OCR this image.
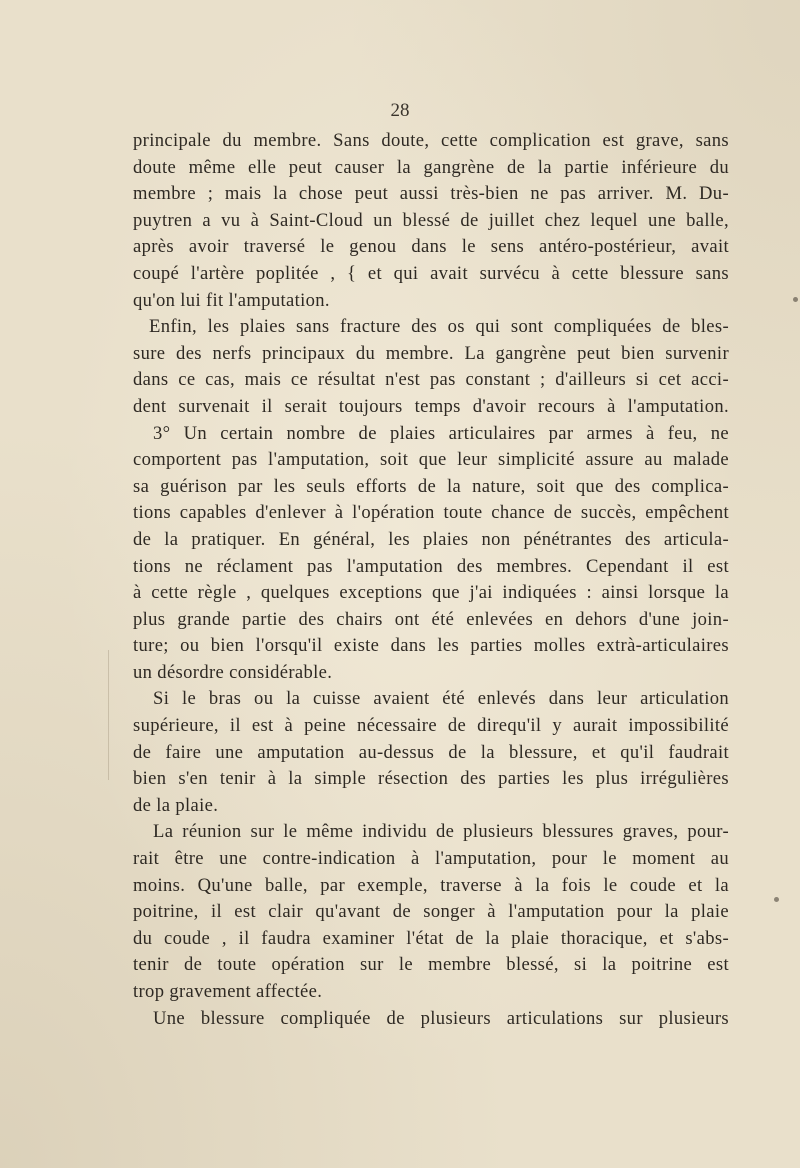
28
principale du membre. Sans doute, cette complication est grave, sans
doute même elle peut causer la gangrène de la partie inférieure du
membre ; mais la chose peut aussi très-bien ne pas arriver. M. Du-
puytren a vu à Saint-Cloud un blessé de juillet chez lequel une balle,
après avoir traversé le genou dans le sens antéro-postérieur, avait
coupé l'artère poplitée , { et qui avait survécu à cette blessure sans
qu'on lui fit l'amputation.
Enfin, les plaies sans fracture des os qui sont compliquées de bles-
sure des nerfs principaux du membre. La gangrène peut bien survenir
dans ce cas, mais ce résultat n'est pas constant ; d'ailleurs si cet acci-
dent survenait il serait toujours temps d'avoir recours à l'amputation.
3° Un certain nombre de plaies articulaires par armes à feu, ne
comportent pas l'amputation, soit que leur simplicité assure au malade
sa guérison par les seuls efforts de la nature, soit que des complica-
tions capables d'enlever à l'opération toute chance de succès, empêchent
de la pratiquer. En général, les plaies non pénétrantes des articula-
tions ne réclament pas l'amputation des membres. Cependant il est
à cette règle , quelques exceptions que j'ai indiquées : ainsi lorsque la
plus grande partie des chairs ont été enlevées en dehors d'une join-
ture; ou bien l'orsqu'il existe dans les parties molles extrà-articulaires
un désordre considérable.
Si le bras ou la cuisse avaient été enlevés dans leur articulation
supérieure, il est à peine nécessaire de direqu'il y aurait impossibilité
de faire une amputation au-dessus de la blessure, et qu'il faudrait
bien s'en tenir à la simple résection des parties les plus irrégulières
de la plaie.
La réunion sur le même individu de plusieurs blessures graves, pour-
rait être une contre-indication à l'amputation, pour le moment au
moins. Qu'une balle, par exemple, traverse à la fois le coude et la
poitrine, il est clair qu'avant de songer à l'amputation pour la plaie
du coude , il faudra examiner l'état de la plaie thoracique, et s'abs-
tenir de toute opération sur le membre blessé, si la poitrine est
trop gravement affectée.
Une blessure compliquée de plusieurs articulations sur plusieurs
